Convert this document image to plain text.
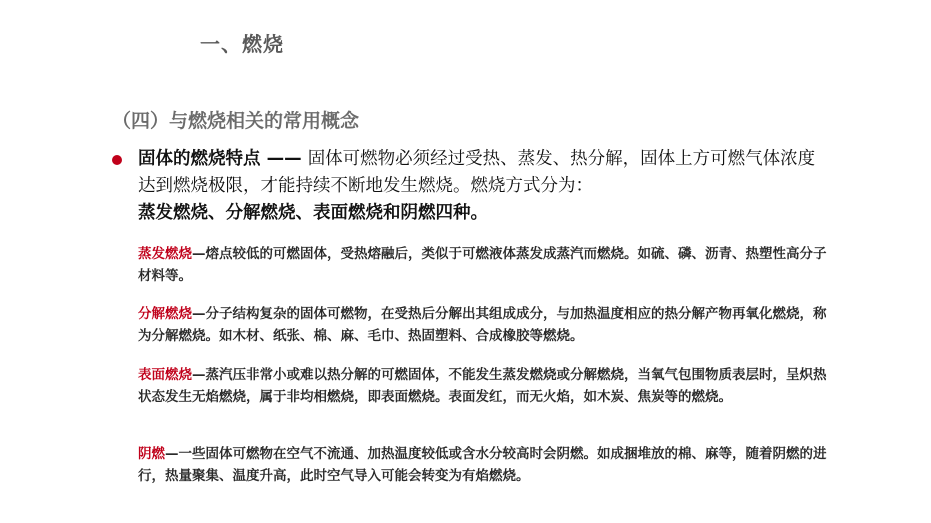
一、燃烧
（四）与燃烧相关的常用概念
固体的燃烧特点 —— 固体可燃物必须经过受热、蒸发、热分解，固体上方可燃气体浓度达到燃烧极限，才能持续不断地发生燃烧。燃烧方式分为：
蒸发燃烧、分解燃烧、表面燃烧和阴燃四种。
蒸发燃烧—熔点较低的可燃固体，受热熔融后，类似于可燃液体蒸发成蒸汽而燃烧。如硫、磷、沥青、热塑性高分子材料等。
分解燃烧—分子结构复杂的固体可燃物，在受热后分解出其组成成分，与加热温度相应的热分解产物再氧化燃烧，称为分解燃烧。如木材、纸张、棉、麻、毛巾、热固塑料、合成橡胶等燃烧。
表面燃烧—蒸汽压非常小或难以热分解的可燃固体，不能发生蒸发燃烧或分解燃烧，当氧气包围物质表层时，呈炽热状态发生无焰燃烧，属于非均相燃烧，即表面燃烧。表面发红，而无火焰，如木炭、焦炭等的燃烧。
阴燃—一些固体可燃物在空气不流通、加热温度较低或含水分较高时会阴燃。如成捆堆放的棉、麻等，随着阴燃的进行，热量聚集、温度升高，此时空气导入可能会转变为有焰燃烧。
